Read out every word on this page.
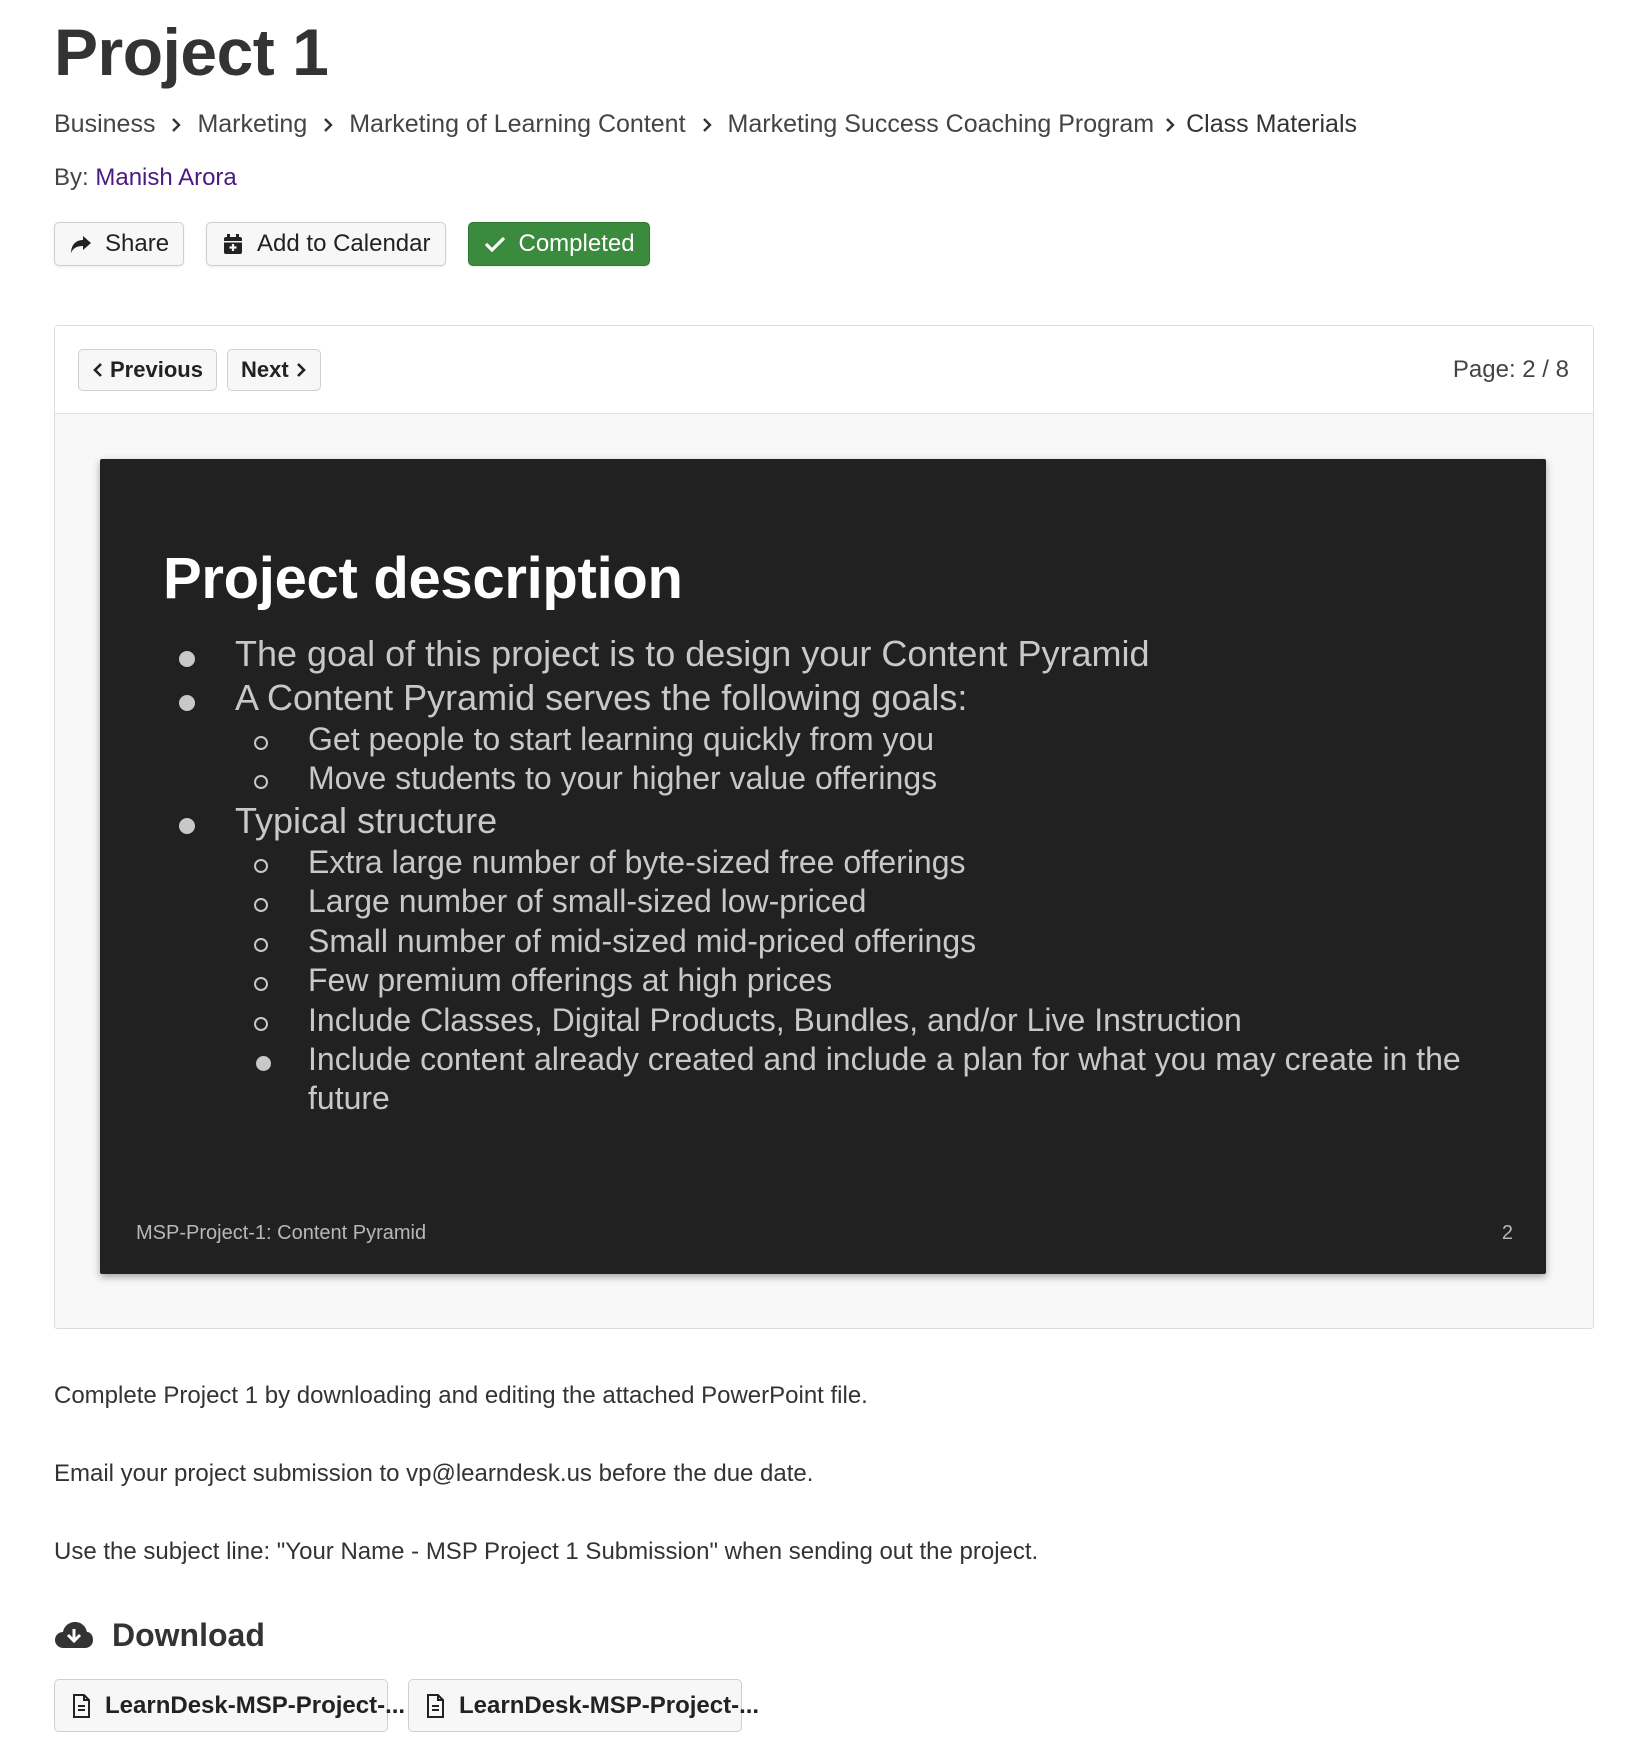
Project 1
Business Marketing Marketing of Learning Content Marketing Success Coaching Program Class Materials
By: Manish Arora
Share	Add to Calendar	Completed
Previous Next	Page: 2 / 8
Project description
The goal of this project is to design your Content Pyramid
A Content Pyramid serves the following goals:
Get people to start learning quickly from you
Move students to your higher value offerings
Typical structure
Extra large number of byte-sized free offerings
Large number of small-sized low-priced
Small number of mid-sized mid-priced offerings
Few premium offerings at high prices
Include Classes, Digital Products, Bundles, and/or Live Instruction
Include content already created and include a plan for what you may create in the
future
MSP-Project-1: Content Pyramid	2

Complete Project 1 by downloading and editing the attached PowerPoint file.

Email your project submission to vp@learndesk.us before the due date.

Use the subject line: "Your Name - MSP Project 1 Submission" when sending out the project.

Download
LearnDesk-MSP-Project-... LearnDesk-MSP-Project-...
